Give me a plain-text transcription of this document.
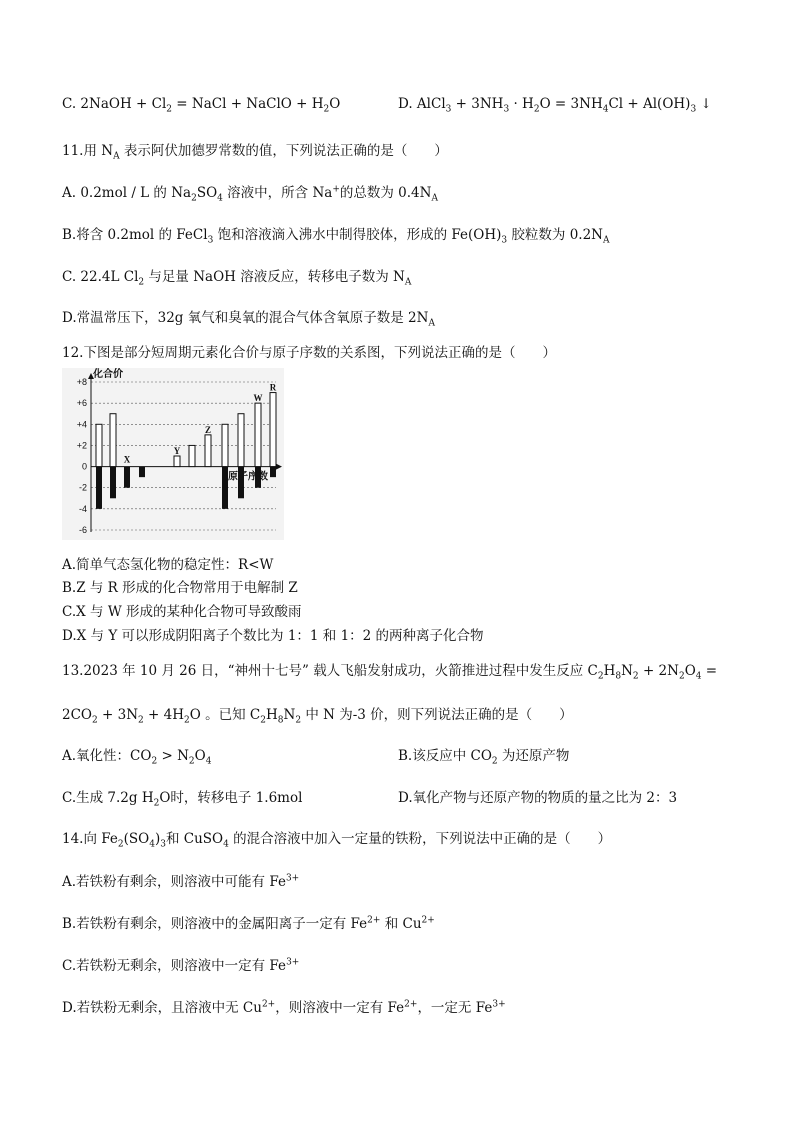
C. 2NaOH + $Cl_2$ = NaCl + NaClO + $H_2O$	D. AlCl$_3$ + $3NH_3 \cdot H_2O = 3NH_4Cl + Al(OH)_3$ ↓
11.用 $N_A$ 表示阿伏加德罗常数的值，下列说法正确的是（　　）
A. 0.2mol / L 的 $Na_2SO_4$ 溶液中，所含 Na+的总数为 $0.4N_A$
B.将含 0.2mol 的 FeCl$_3$ 饱和溶液滴入沸水中制得胶体，形成的 $Fe(OH)_3$ 胶粒数为 $0.2N_A$
C. 22.4L $Cl_2$ 与足量 NaOH 溶液反应，转移电子数为 $N_A$
D.常温常压下，32g 氧气和臭氧的混合气体含氧原子数是 $2N_A$
12.下图是部分短周期元素化合价与原子序数的关系图，下列说法正确的是（　　）
+8
+6
+4
+2
0
-2
-4
-6
化合价
原子序数
X
Y
Z
W
R
A.简单气态氢化物的稳定性：R<W
B.Z 与 R 形成的化合物常用于电解制 Z
C.X 与 W 形成的某种化合物可导致酸雨
D.X 与 Y 可以形成阴阳离子个数比为 1：1 和 1：2 的两种离子化合物
13.2023 年 10 月 26 日，“神州十七号” 载人飞船发射成功，火箭推进过程中发生反应 $C_2H_8N_2 + 2N_2O_4$ =
$2CO_2 + 3N_2 + 4H_2O$ 。已知 $C_2H_8N_2$ 中 N 为-3 价，则下列说法正确的是（　　）
A.氧化性：$CO_2 > N_2O_4$	B.该反应中 $CO_2$ 为还原产物
C.生成 7.2g $H_2O$时，转移电子 1.6mol	D.氧化产物与还原产物的物质的量之比为 2：3
14.向 $Fe_2(SO_4)_3$和 CuSO$_4$ 的混合溶液中加入一定量的铁粉，下列说法中正确的是（　　）
A.若铁粉有剩余，则溶液中可能有 $Fe^{3+}$
B.若铁粉有剩余，则溶液中的金属阳离子一定有 $Fe^{2+}$ 和 $Cu^{2+}$
C.若铁粉无剩余，则溶液中一定有 $Fe^{3+}$
D.若铁粉无剩余，且溶液中无 $Cu^{2+}$，则溶液中一定有 $Fe^{2+}$，一定无 $Fe^{3+}$
